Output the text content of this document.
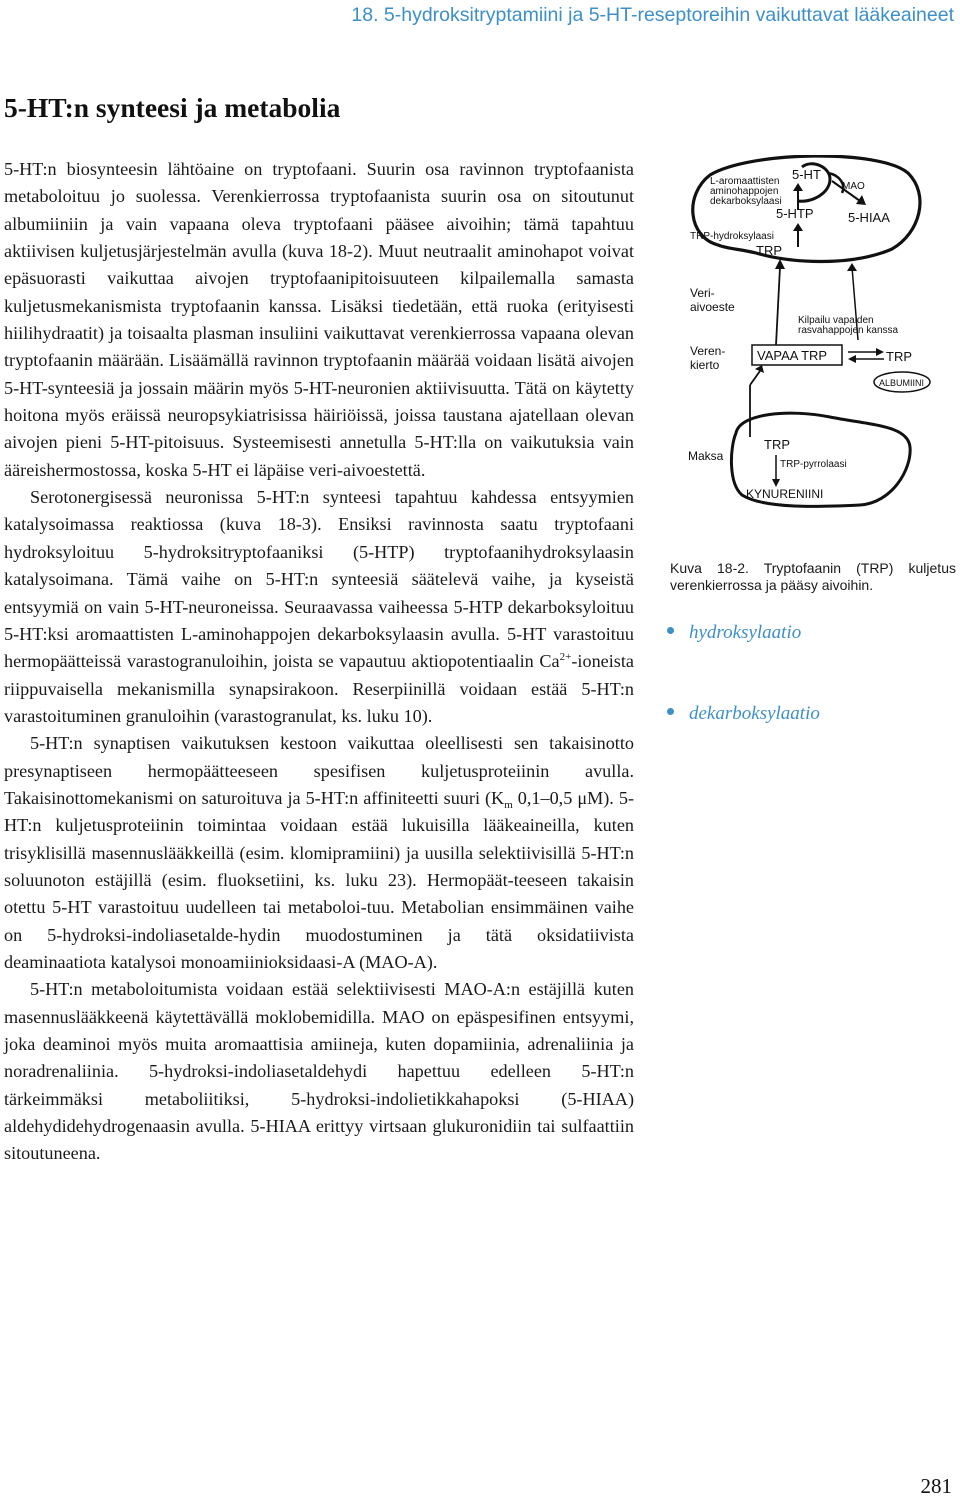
18. 5-hydroksitryptamiini ja 5-HT-reseptoreihin vaikuttavat lääkeaineet
5-HT:n synteesi ja metabolia

5-HT:n biosynteesin lähtöaine on tryptofaani. Suurin osa ravinnon tryptofaanista metaboloituu jo suolessa. Verenkierrossa tryptofaanista suurin osa on sitoutunut albumiiniin ja vain vapaana oleva tryptofaani pääsee aivoihin; tämä tapahtuu aktiivisen kuljetusjärjestelmän avulla (kuva 18-2). Muut neutraalit aminohapot voivat epäsuorasti vaikuttaa aivojen tryptofaanipitoisuuteen kilpailemalla samasta kuljetusmekanismista tryptofaanin kanssa. Lisäksi tiedetään, että ruoka (erityisesti hiilihydraatit) ja toisaalta plasman insuliini vaikuttavat verenkierrossa vapaana olevan tryptofaanin määrään. Lisäämällä ravinnon tryptofaanin määrää voidaan lisätä aivojen 5-HT-synteesiä ja jossain määrin myös 5-HT-neuronien aktiivisuutta. Tätä on käytetty hoitona myös eräissä neuropsykiatrisissa häiriöissä, joissa taustana ajatellaan olevan aivojen pieni 5-HT-pitoisuus. Systeemisesti annetulla 5-HT:lla on vaikutuksia vain ääreishermostossa, koska 5-HT ei läpäise veri-aivoestettä.

Serotonergisessä neuronissa 5-HT:n synteesi tapahtuu kahdessa entsyymien katalysoimassa reaktiossa (kuva 18-3). Ensiksi ravinnosta saatu tryptofaani hydroksyloituu 5-hydroksitryptofaaniksi (5-HTP) tryptofaanihydroksylaasin katalysoimana. Tämä vaihe on 5-HT:n synteesiä säätelevä vaihe, ja kyseistä entsyymiä on vain 5-HT-neuroneissa. Seuraavassa vaiheessa 5-HTP dekarboksyloituu 5-HT:ksi aromaattisten L-aminohappojen dekarboksylaasin avulla. 5-HT varastoituu hermopäätteissä varastogranuloihin, joista se vapautuu aktiopotentiaalin $Ca^{2+}$-ioneista riippuvaisella mekanismilla synapsirakoon. Reserpiinillä voidaan estää 5-HT:n varastoituminen granuloihin (varastogranulat, ks. luku 10).

5-HT:n synaptisen vaikutuksen kestoon vaikuttaa oleellisesti sen takaisinotto presynaptiseen hermopäätteeseen spesifisen kuljetusproteiinin avulla. Takaisinottomekanismi on saturoituva ja 5-HT:n affiniteetti suuri ($K_m$ 0,1–0,5 μM). 5-HT:n kuljetusproteiinin toimintaa voidaan estää lukuisilla lääkeaineilla, kuten trisyklisillä masennuslääkkeillä (esim. klomipramiini) ja uusilla selektiivisillä 5-HT:n soluunoton estäjillä (esim. fluoksetiini, ks. luku 23). Hermopäät-teeseen takaisin otettu 5-HT varastoituu uudelleen tai metaboloi-tuu. Metabolian ensimmäinen vaihe on 5-hydroksi-indoliasetalde-hydin muodostuminen ja tätä oksidatiivista deaminaatiota katalysoi monoamiinioksidaasi-A (MAO-A).

5-HT:n metaboloitumista voidaan estää selektiivisesti MAO-A:n estäjillä kuten masennuslääkkeenä käytettävällä moklobemidilla. MAO on epäspesifinen entsyymi, joka deaminoi myös muita aromaattisia amiineja, kuten dopamiinia, adrenaliinia ja noradrenaliinia. 5-hydroksi-indoliasetaldehydi hapettuu edelleen 5-HT:n tärkeimmäksi metaboliitiksi, 5-hydroksi-indolietikkahapoksi (5-HIAA) aldehydidehydrogenaasin avulla. 5-HIAA erittyy virtsaan glukuronidiin tai sulfaattiin sitoutuneena.

L-aromaattisten
aminohappojen
dekarboksylaasi
5-HT
MAO
5-HTP	5-HIAA
TRP-hydroksylaasi
TRP
Veri-
aivoeste
Kilpailu vapaiden
rasvahappojen kanssa
Veren-
kierto
VAPAA TRP	TRP
ALBUMIINI
Maksa
TRP
TRP-pyrrolaasi
KYNURENIINI
Kuva 18-2. Tryptofaanin (TRP) kuljetus verenkierrossa ja pääsy aivoihin.
hydroksylaatio
dekarboksylaatio
281
